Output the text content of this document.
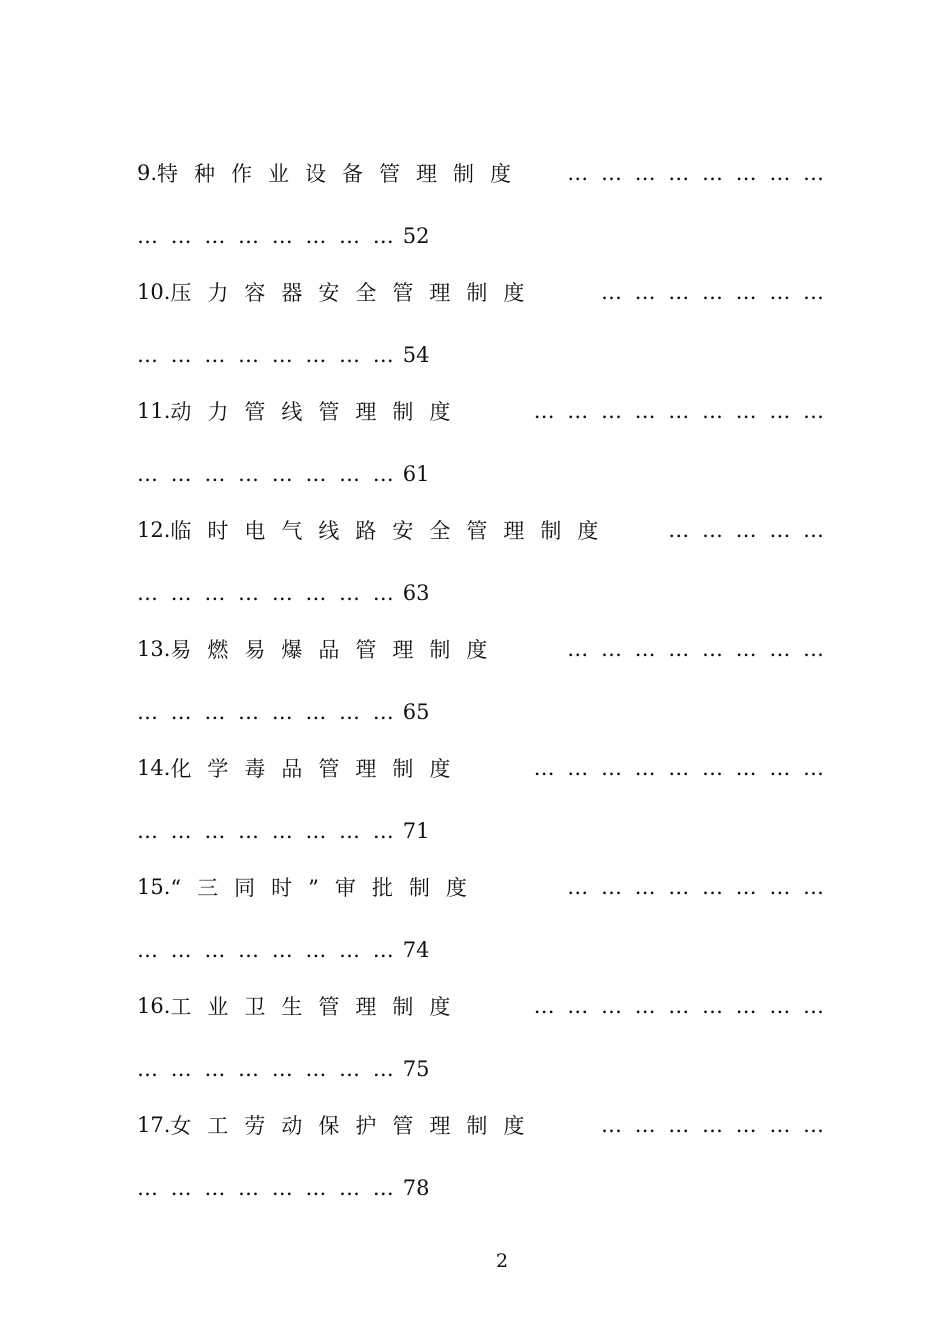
9. 特种作业设备管理制度	… … … … … … … …
… … … … … … … … 52
10. 压力容器安全管理制度	… … … … … … …
… … … … … … … … 54
11. 动力管线管理制度	… … … … … … … … …
… … … … … … … … 61
12. 临时电气线路安全管理制度	… … … … …
… … … … … … … … 63
13. 易燃易爆品管理制度	… … … … … … … …
… … … … … … … … 65
14. 化学毒品管理制度	… … … … … … … … …
… … … … … … … … 71
15. “三同时”审批制度	… … … … … … … …
… … … … … … … … 74
16. 工业卫生管理制度	… … … … … … … … …
… … … … … … … … 75
17. 女工劳动保护管理制度	… … … … … … …
… … … … … … … … 78
2
